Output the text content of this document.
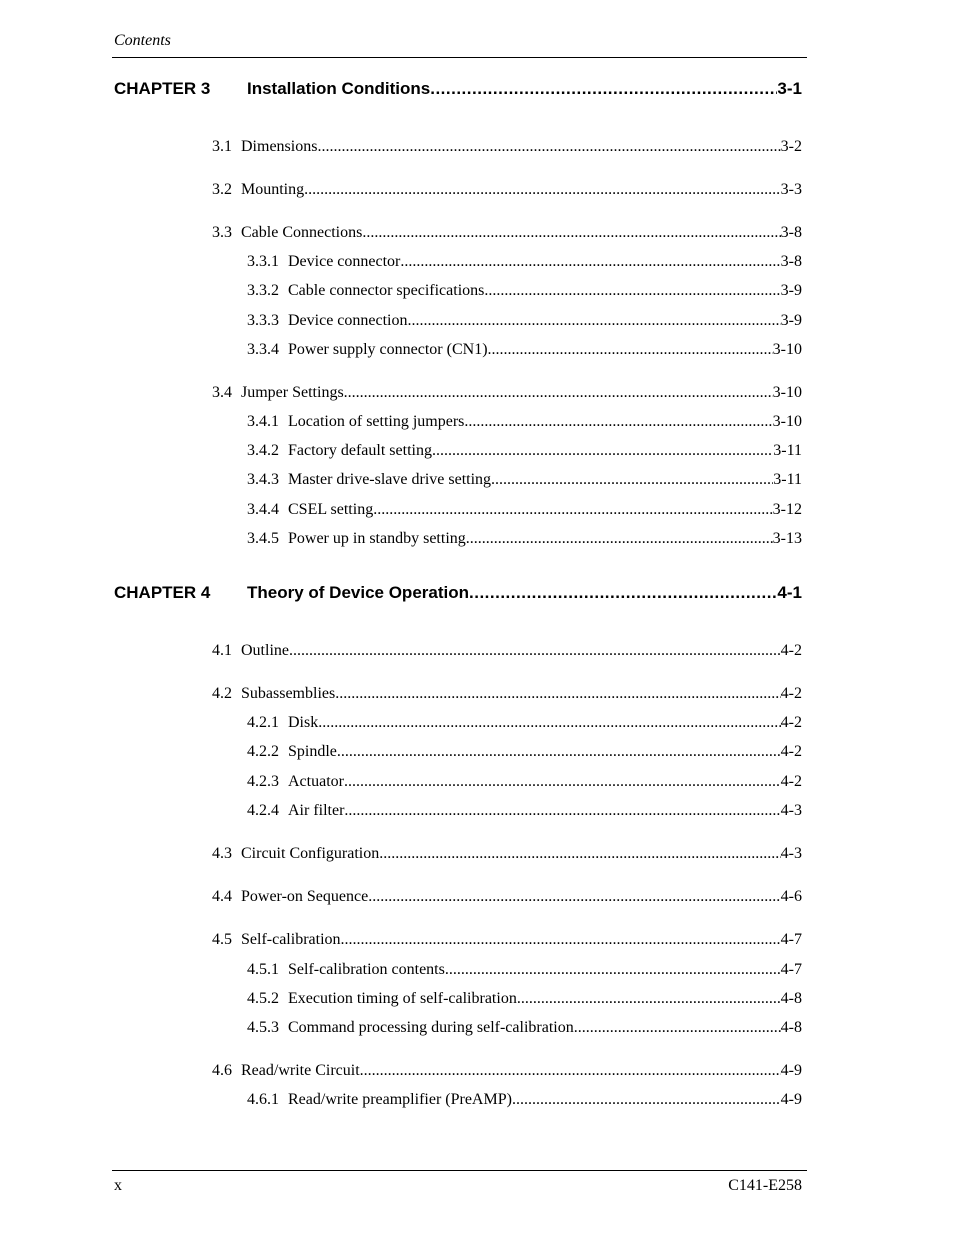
Contents
CHAPTER 3 Installation Conditions .....	3-1
3.1 Dimensions .....	3-2
3.2 Mounting .....	3-3
3.3 Cable Connections .....	3-8
3.3.1 Device connector .....	3-8
3.3.2 Cable connector specifications .....	3-9
3.3.3 Device connection .....	3-9
3.3.4 Power supply connector (CN1) .....	3-10
3.4 Jumper Settings .....	3-10
3.4.1 Location of setting jumpers .....	3-10
3.4.2 Factory default setting .....	3-11
3.4.3 Master drive-slave drive setting .....	3-11
3.4.4 CSEL setting .....	3-12
3.4.5 Power up in standby setting .....	3-13
CHAPTER 4 Theory of Device Operation .....	4-1
4.1 Outline .....	4-2
4.2 Subassemblies .....	4-2
4.2.1 Disk .....	4-2
4.2.2 Spindle .....	4-2
4.2.3 Actuator .....	4-2
4.2.4 Air filter .....	4-3
4.3 Circuit Configuration .....	4-3
4.4 Power-on Sequence .....	4-6
4.5 Self-calibration .....	4-7
4.5.1 Self-calibration contents .....	4-7
4.5.2 Execution timing of self-calibration .....	4-8
4.5.3 Command processing during self-calibration .....	4-8
4.6 Read/write Circuit .....	4-9
4.6.1 Read/write preamplifier (PreAMP) .....	4-9
x	C141-E258
